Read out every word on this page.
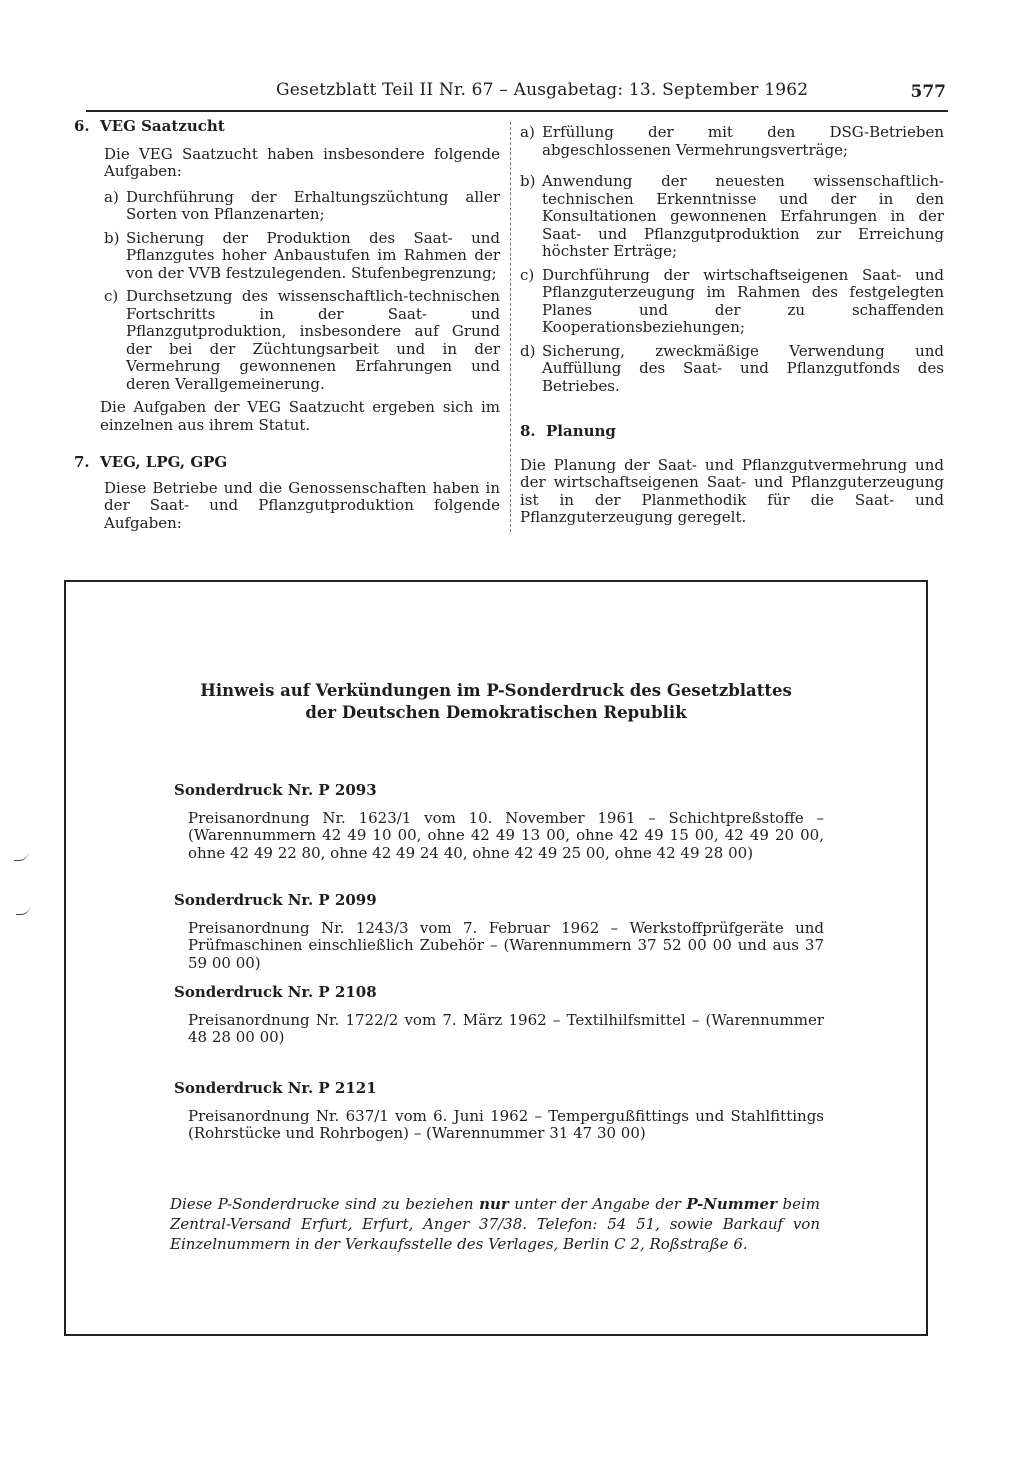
Gesetzblatt Teil II Nr. 67 – Ausgabetag: 13. September 1962	577
6. VEG Saatzucht

Die VEG Saatzucht haben insbesondere folgende Aufgaben:

a) Durchführung der Erhaltungszüchtung aller Sorten von Pflanzenarten;
b) Sicherung der Produktion des Saat- und Pflanzgutes hoher Anbaustufen im Rahmen der von der VVB festzulegenden. Stufenbegrenzung;
c) Durchsetzung des wissenschaftlich-technischen Fortschritts in der Saat- und Pflanzgutproduktion, insbesondere auf Grund der bei der Züchtungsarbeit und in der Vermehrung gewonnenen Erfahrungen und deren Verallgemeinerung.

Die Aufgaben der VEG Saatzucht ergeben sich im einzelnen aus ihrem Statut.

7. VEG, LPG, GPG

Diese Betriebe und die Genossenschaften haben in der Saat- und Pflanzgutproduktion folgende Aufgaben:

a) Erfüllung der mit den DSG-Betrieben abgeschlossenen Vermehrungsverträge;
b) Anwendung der neuesten wissenschaftlich-technischen Erkenntnisse und der in den Konsultationen gewonnenen Erfahrungen in der Saat- und Pflanzgutproduktion zur Erreichung höchster Erträge;
c) Durchführung der wirtschaftseigenen Saat- und Pflanzguterzeugung im Rahmen des festgelegten Planes und der zu schaffenden Kooperationsbeziehungen;
d) Sicherung, zweckmäßige Verwendung und Auffüllung des Saat- und Pflanzgutfonds des Betriebes.
8. Planung

Die Planung der Saat- und Pflanzgutvermehrung und der wirtschaftseigenen Saat- und Pflanzguterzeugung ist in der Planmethodik für die Saat- und Pflanzguterzeugung geregelt.

Hinweis auf Verkündungen im P-Sonderdruck des Gesetzblattes
der Deutschen Demokratischen Republik
Sonderdruck Nr. P 2093
Preisanordnung Nr. 1623/1 vom 10. November 1961 – Schichtpreßstoffe – (Warennummern 42 49 10 00, ohne 42 49 13 00, ohne 42 49 15 00, 42 49 20 00, ohne 42 49 22 80, ohne 42 49 24 40, ohne 42 49 25 00, ohne 42 49 28 00)
Sonderdruck Nr. P 2099
Preisanordnung Nr. 1243/3 vom 7. Februar 1962 – Werkstoffprüfgeräte und Prüfmaschinen einschließlich Zubehör – (Warennummern 37 52 00 00 und aus 37 59 00 00)
Sonderdruck Nr. P 2108
Preisanordnung Nr. 1722/2 vom 7. März 1962 – Textilhilfsmittel – (Warennummer 48 28 00 00)
Sonderdruck Nr. P 2121
Preisanordnung Nr. 637/1 vom 6. Juni 1962 – Tempergußfittings und Stahlfittings (Rohrstücke und Rohrbogen) – (Warennummer 31 47 30 00)
Diese P-Sonderdrucke sind zu beziehen nur unter der Angabe der P-Nummer beim Zentral-Versand Erfurt, Erfurt, Anger 37/38. Telefon: 54 51, sowie Barkauf von Einzelnummern in der Verkaufsstelle des Verlages, Berlin C 2, Roßstraße 6.
